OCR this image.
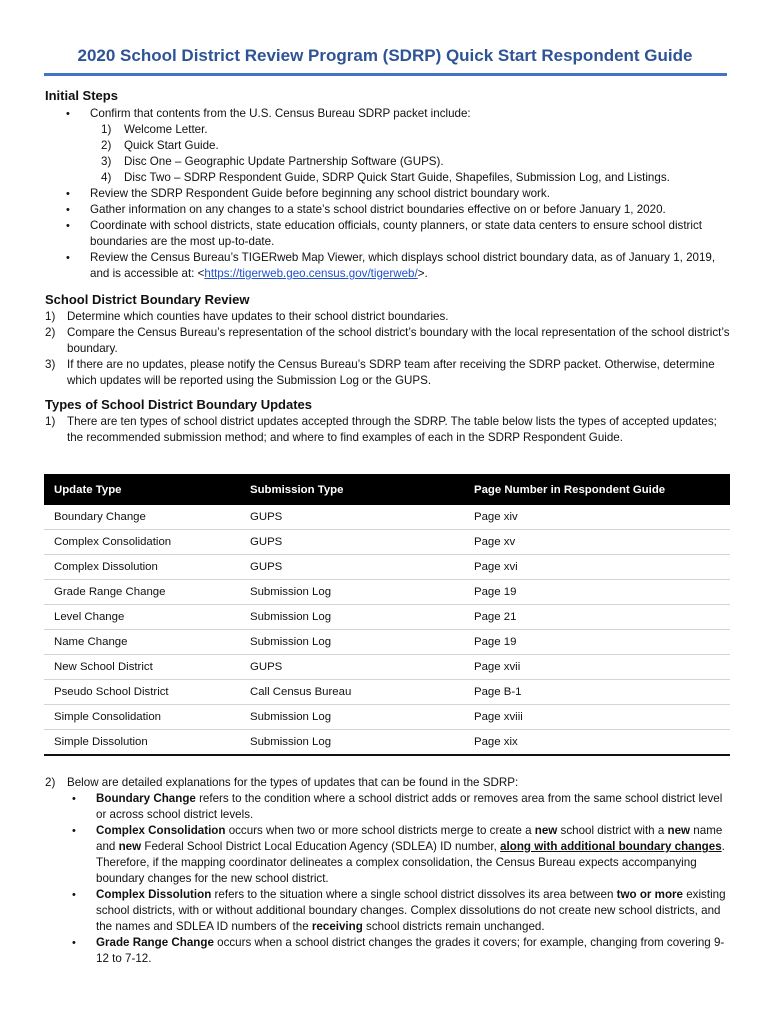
2020 School District Review Program (SDRP) Quick Start Respondent Guide
Initial Steps
• Confirm that contents from the U.S. Census Bureau SDRP packet include:
1) Welcome Letter.
2) Quick Start Guide.
3) Disc One – Geographic Update Partnership Software (GUPS).
4) Disc Two – SDRP Respondent Guide, SDRP Quick Start Guide, Shapefiles, Submission Log, and Listings.
• Review the SDRP Respondent Guide before beginning any school district boundary work.
• Gather information on any changes to a state’s school district boundaries effective on or before January 1, 2020.
• Coordinate with school districts, state education officials, county planners, or state data centers to ensure school district boundaries are the most up-to-date.
• Review the Census Bureau’s TIGERweb Map Viewer, which displays school district boundary data, as of January 1, 2019, and is accessible at: <https://tigerweb.geo.census.gov/tigerweb/>.
School District Boundary Review
1) Determine which counties have updates to their school district boundaries.
2) Compare the Census Bureau’s representation of the school district’s boundary with the local representation of the school district’s boundary.
3) If there are no updates, please notify the Census Bureau’s SDRP team after receiving the SDRP packet. Otherwise, determine which updates will be reported using the Submission Log or the GUPS.
Types of School District Boundary Updates
1) There are ten types of school district updates accepted through the SDRP. The table below lists the types of accepted updates; the recommended submission method; and where to find examples of each in the SDRP Respondent Guide.
Update Type	Submission Type	Page Number in Respondent Guide
Boundary Change	GUPS	Page xiv
Complex Consolidation	GUPS	Page xv
Complex Dissolution	GUPS	Page xvi
Grade Range Change	Submission Log	Page 19
Level Change	Submission Log	Page 21
Name Change	Submission Log	Page 19
New School District	GUPS	Page xvii
Pseudo School District	Call Census Bureau	Page B-1
Simple Consolidation	Submission Log	Page xviii
Simple Dissolution	Submission Log	Page xix
2) Below are detailed explanations for the types of updates that can be found in the SDRP:
• Boundary Change refers to the condition where a school district adds or removes area from the same school district level or across school district levels.
• Complex Consolidation occurs when two or more school districts merge to create a new school district with a new name and new Federal School District Local Education Agency (SDLEA) ID number, along with additional boundary changes. Therefore, if the mapping coordinator delineates a complex consolidation, the Census Bureau expects accompanying boundary changes for the new school district.
• Complex Dissolution refers to the situation where a single school district dissolves its area between two or more existing school districts, with or without additional boundary changes. Complex dissolutions do not create new school districts, and the names and SDLEA ID numbers of the receiving school districts remain unchanged.
• Grade Range Change occurs when a school district changes the grades it covers; for example, changing from covering 9-12 to 7-12.
